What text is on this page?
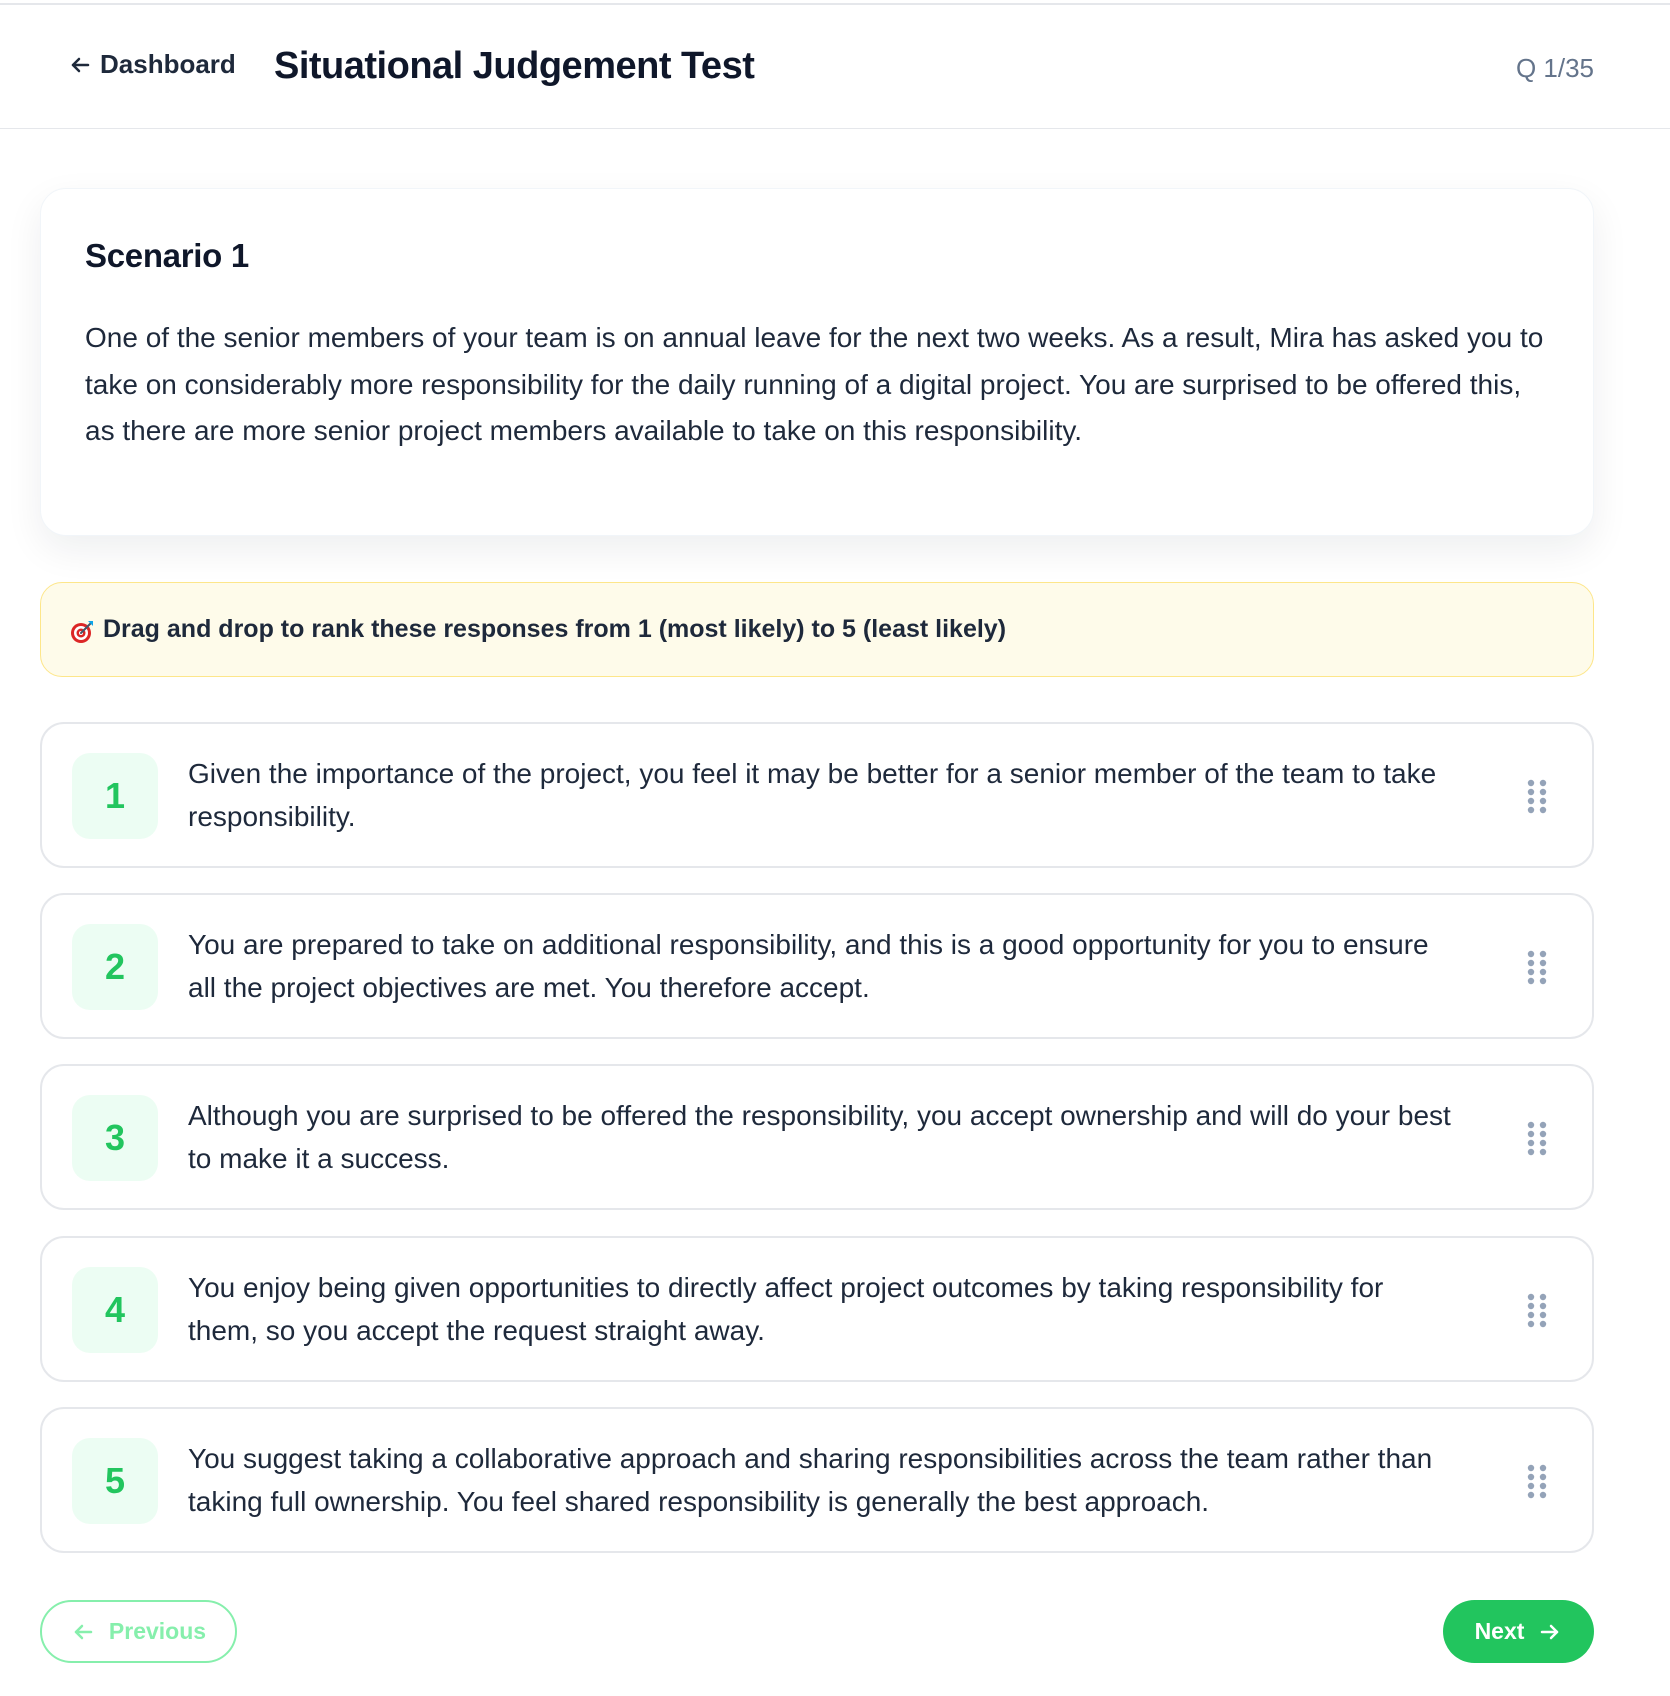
Dashboard Situational Judgement Test	Q 1/35
Scenario 1

One of the senior members of your team is on annual leave for the next two weeks. As a result, Mira has asked you to take on considerably more responsibility for the daily running of a digital project. You are surprised to be offered this, as there are more senior project members available to take on this responsibility.

Drag and drop to rank these responses from 1 (most likely) to 5 (least likely)
1
Given the importance of the project, you feel it may be better for a senior member of the team to take responsibility.
2
You are prepared to take on additional responsibility, and this is a good opportunity for you to ensure all the project objectives are met. You therefore accept.
3
Although you are surprised to be offered the responsibility, you accept ownership and will do your best to make it a success.
4
You enjoy being given opportunities to directly affect project outcomes by taking responsibility for them, so you accept the request straight away.
5
You suggest taking a collaborative approach and sharing responsibilities across the team rather than taking full ownership. You feel shared responsibility is generally the best approach.
Previous	Next
